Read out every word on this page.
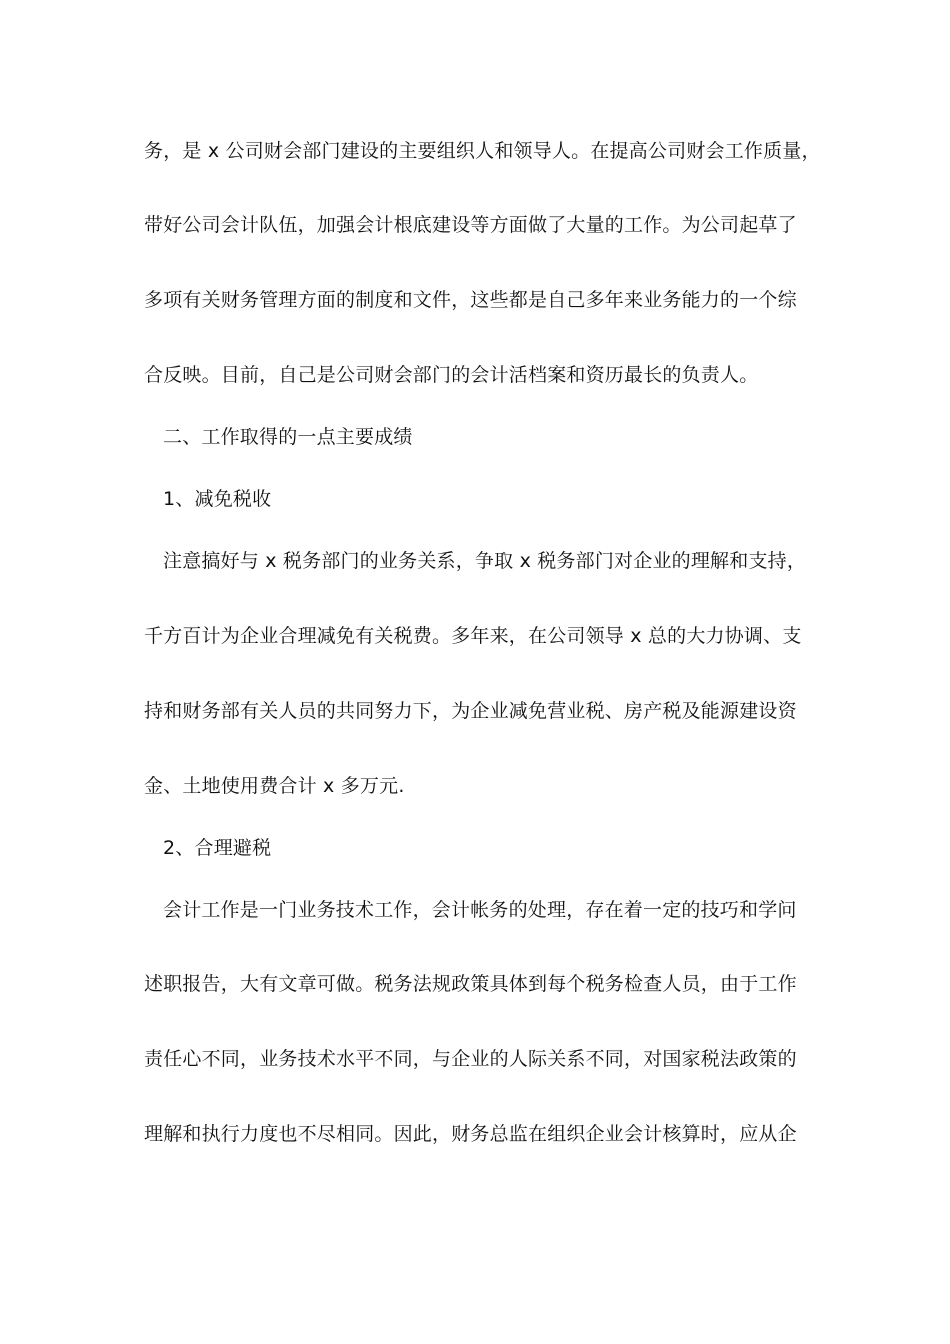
务，是 x 公司财会部门建设的主要组织人和领导人。在提高公司财会工作质量，
带好公司会计队伍，加强会计根底建设等方面做了大量的工作。为公司起草了
多项有关财务管理方面的制度和文件，这些都是自己多年来业务能力的一个综
合反映。目前，自己是公司财会部门的会计活档案和资历最长的负责人。
二、工作取得的一点主要成绩
1、减免税收
注意搞好与 x 税务部门的业务关系，争取 x 税务部门对企业的理解和支持，
千方百计为企业合理减免有关税费。多年来，在公司领导 x 总的大力协调、支
持和财务部有关人员的共同努力下，为企业减免营业税、房产税及能源建设资
金、土地使用费合计 x 多万元.
2、合理避税
会计工作是一门业务技术工作，会计帐务的处理，存在着一定的技巧和学问
述职报告，大有文章可做。税务法规政策具体到每个税务检查人员，由于工作
责任心不同，业务技术水平不同，与企业的人际关系不同，对国家税法政策的
理解和执行力度也不尽相同。因此，财务总监在组织企业会计核算时，应从企
